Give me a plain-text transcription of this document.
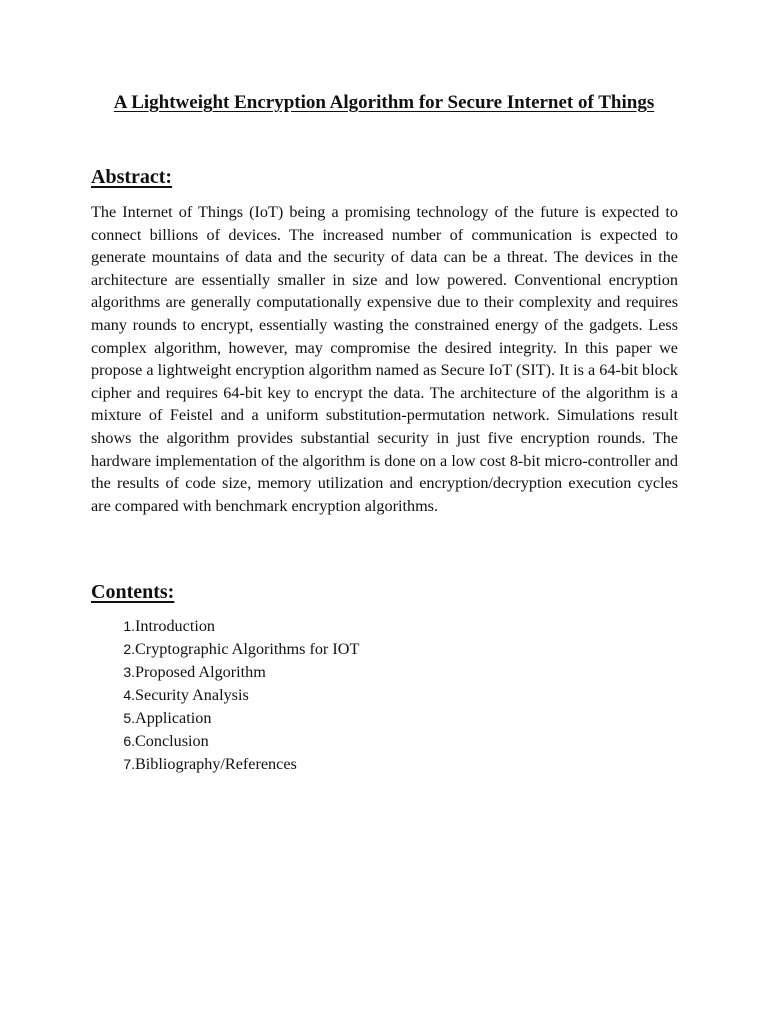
A Lightweight Encryption Algorithm for Secure Internet of Things
Abstract:

The Internet of Things (IoT) being a promising technology of the future is expected to connect billions of devices. The increased number of communication is expected to generate mountains of data and the security of data can be a threat. The devices in the architecture are essentially smaller in size and low powered. Conventional encryption algorithms are generally computationally expensive due to their complexity and requires many rounds to encrypt, essentially wasting the constrained energy of the gadgets. Less complex algorithm, however, may compromise the desired integrity. In this paper we propose a lightweight encryption algorithm named as Secure IoT (SIT). It is a 64-bit block cipher and requires 64-bit key to encrypt the data. The architecture of the algorithm is a mixture of Feistel and a uniform substitution-permutation network. Simulations result shows the algorithm provides substantial security in just five encryption rounds. The hardware implementation of the algorithm is done on a low cost 8-bit micro-controller and the results of code size, memory utilization and encryption/decryption execution cycles are compared with benchmark encryption algorithms.

Contents:
1. Introduction
2. Cryptographic Algorithms for IOT
3. Proposed Algorithm
4. Security Analysis
5. Application
6. Conclusion
7. Bibliography/References
